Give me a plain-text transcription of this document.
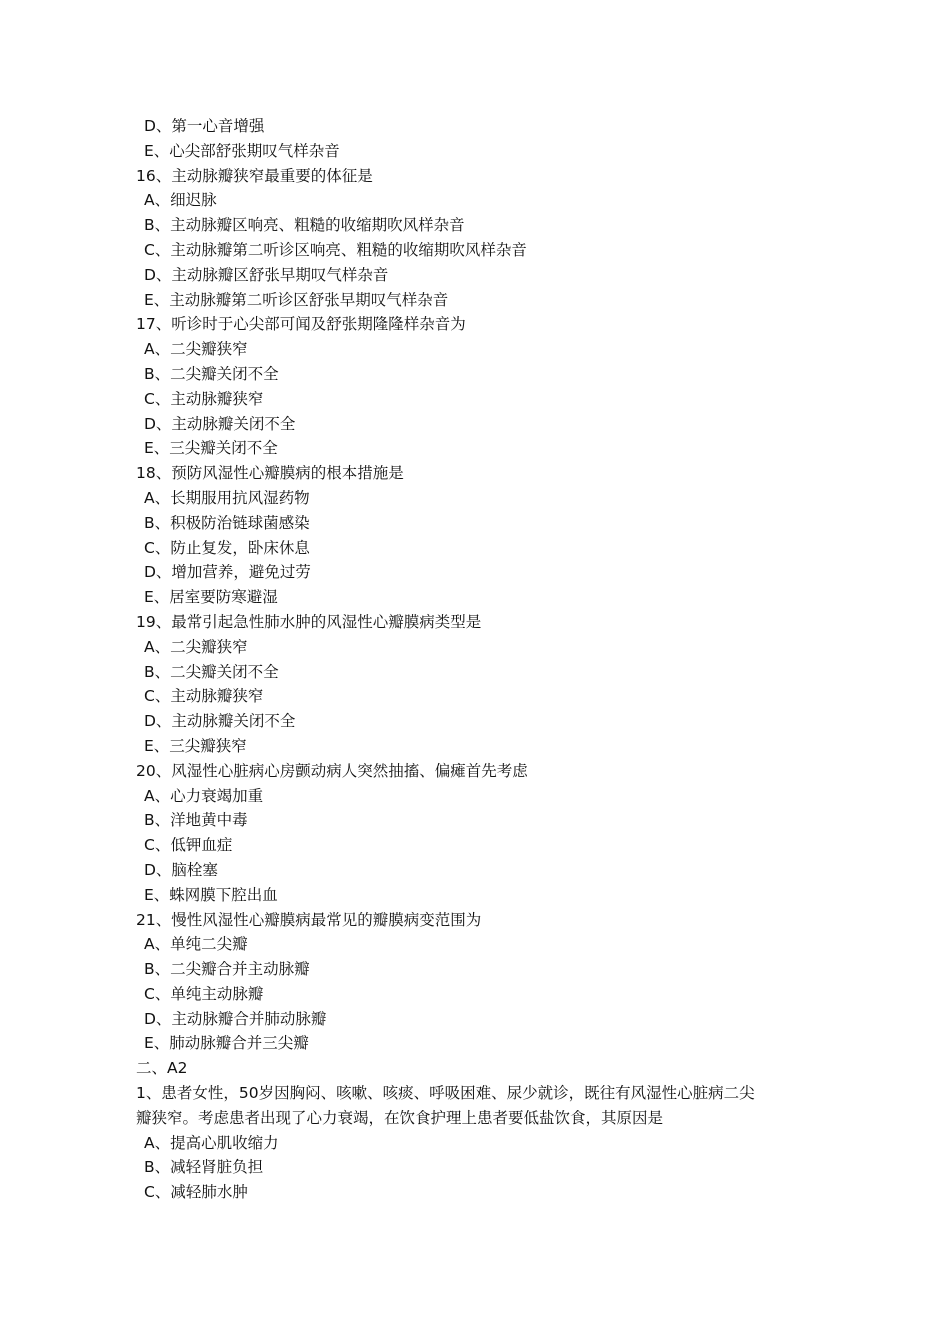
D、第一心音增强
E、心尖部舒张期叹气样杂音
16、主动脉瓣狭窄最重要的体征是
A、细迟脉
B、主动脉瓣区响亮、粗糙的收缩期吹风样杂音
C、主动脉瓣第二听诊区响亮、粗糙的收缩期吹风样杂音
D、主动脉瓣区舒张早期叹气样杂音
E、主动脉瓣第二听诊区舒张早期叹气样杂音
17、听诊时于心尖部可闻及舒张期隆隆样杂音为
A、二尖瓣狭窄
B、二尖瓣关闭不全
C、主动脉瓣狭窄
D、主动脉瓣关闭不全
E、三尖瓣关闭不全
18、预防风湿性心瓣膜病的根本措施是
A、长期服用抗风湿药物
B、积极防治链球菌感染
C、防止复发，卧床休息
D、增加营养，避免过劳
E、居室要防寒避湿
19、最常引起急性肺水肿的风湿性心瓣膜病类型是
A、二尖瓣狭窄
B、二尖瓣关闭不全
C、主动脉瓣狭窄
D、主动脉瓣关闭不全
E、三尖瓣狭窄
20、风湿性心脏病心房颤动病人突然抽搐、偏瘫首先考虑
A、心力衰竭加重
B、洋地黄中毒
C、低钾血症
D、脑栓塞
E、蛛网膜下腔出血
21、慢性风湿性心瓣膜病最常见的瓣膜病变范围为
A、单纯二尖瓣
B、二尖瓣合并主动脉瓣
C、单纯主动脉瓣
D、主动脉瓣合并肺动脉瓣
E、肺动脉瓣合并三尖瓣
二、A2
1、患者女性，50岁因胸闷、咳嗽、咳痰、呼吸困难、尿少就诊，既往有风湿性心脏病二尖
瓣狭窄。考虑患者出现了心力衰竭，在饮食护理上患者要低盐饮食，其原因是
A、提高心肌收缩力
B、减轻肾脏负担
C、减轻肺水肿
